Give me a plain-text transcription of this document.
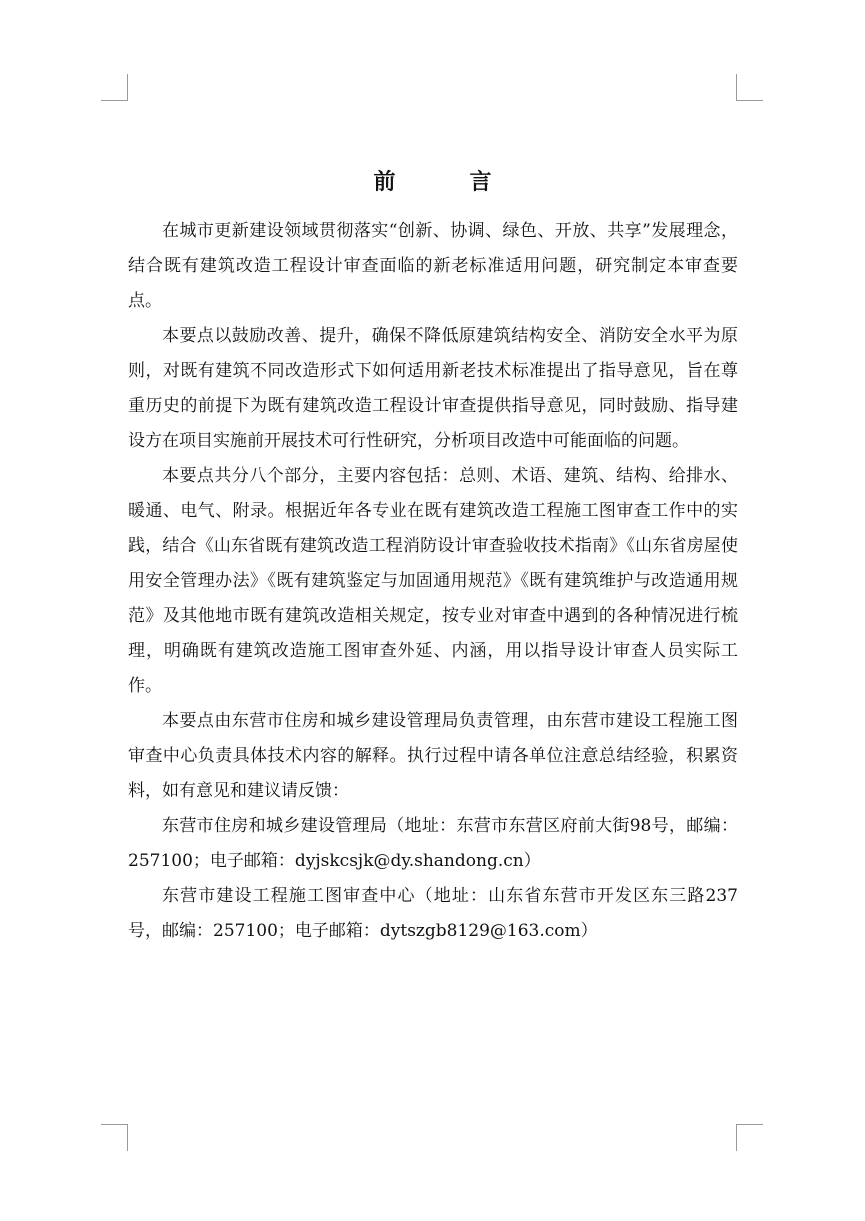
前　言

在城市更新建设领域贯彻落实“创新、协调、绿色、开放、共享”发展理念，结合既有建筑改造工程设计审查面临的新老标准适用问题，研究制定本审查要点。

本要点以鼓励改善、提升，确保不降低原建筑结构安全、消防安全水平为原则，对既有建筑不同改造形式下如何适用新老技术标准提出了指导意见，旨在尊重历史的前提下为既有建筑改造工程设计审查提供指导意见，同时鼓励、指导建设方在项目实施前开展技术可行性研究，分析项目改造中可能面临的问题。

本要点共分八个部分，主要内容包括：总则、术语、建筑、结构、给排水、暖通、电气、附录。根据近年各专业在既有建筑改造工程施工图审查工作中的实践，结合《山东省既有建筑改造工程消防设计审查验收技术指南》《山东省房屋使用安全管理办法》《既有建筑鉴定与加固通用规范》《既有建筑维护与改造通用规范》及其他地市既有建筑改造相关规定，按专业对审查中遇到的各种情况进行梳理，明确既有建筑改造施工图审查外延、内涵，用以指导设计审查人员实际工作。

本要点由东营市住房和城乡建设管理局负责管理，由东营市建设工程施工图审查中心负责具体技术内容的解释。执行过程中请各单位注意总结经验，积累资料，如有意见和建议请反馈：

东营市住房和城乡建设管理局（地址：东营市东营区府前大街98号，邮编：257100；电子邮箱：dyjskcsjk@dy.shandong.cn）

东营市建设工程施工图审查中心（地址：山东省东营市开发区东三路237号，邮编：257100；电子邮箱：dytszgb8129@163.com）
